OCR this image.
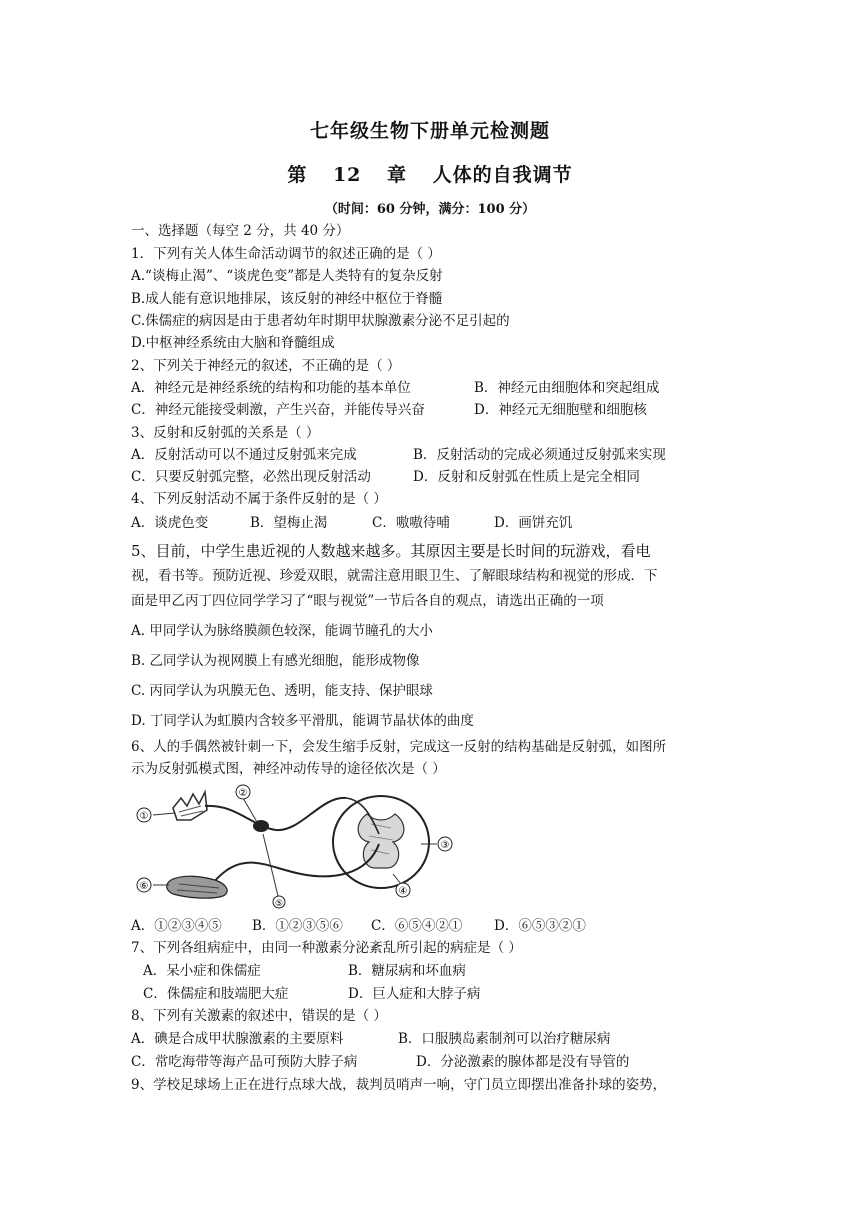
七年级生物下册单元检测题
第 12 章 人体的自我调节
（时间：60 分钟，满分：100 分）
一、选择题（每空 2 分，共 40 分）
1．下列有关人体生命活动调节的叙述正确的是（ ）
A.“谈梅止渴”、“谈虎色变”都是人类特有的复杂反射
B.成人能有意识地排尿，该反射的神经中枢位于脊髓
C.侏儒症的病因是由于患者幼年时期甲状腺激素分泌不足引起的
D.中枢神经系统由大脑和脊髓组成
2、下列关于神经元的叙述，不正确的是（ ）
A．神经元是神经系统的结构和功能的基本单位	B．神经元由细胞体和突起组成
C．神经元能接受刺激，产生兴奋，并能传导兴奋	D．神经元无细胞壁和细胞核
3、反射和反射弧的关系是（ ）
A．反射活动可以不通过反射弧来完成	B．反射活动的完成必须通过反射弧来实现
C．只要反射弧完整，必然出现反射活动	D．反射和反射弧在性质上是完全相同
4、下列反射活动不属于条件反射的是（ ）
A．谈虎色变	B．望梅止渴	C．嗷嗷待哺	D．画饼充饥
5、目前，中学生患近视的人数越来越多。其原因主要是长时间的玩游戏，看电
视，看书等。预防近视、珍爱双眼，就需注意用眼卫生、了解眼球结构和视觉的形成．下
面是甲乙丙丁四位同学学习了“眼与视觉”一节后各自的观点，请选出正确的一项
A. 甲同学认为脉络膜颜色较深，能调节瞳孔的大小
B. 乙同学认为视网膜上有感光细胞，能形成物像
C. 丙同学认为巩膜无色、透明，能支持、保护眼球
D. 丁同学认为虹膜内含较多平滑肌，能调节晶状体的曲度
6、人的手偶然被针刺一下，会发生缩手反射，完成这一反射的结构基础是反射弧，如图所
示为反射弧模式图，神经冲动传导的途径依次是（ ）
①
②
③
④
⑤
⑥
A．①②③④⑤ B．①②③⑤⑥ C．⑥⑤④②① D．⑥⑤③②①
7、下列各组病症中，由同一种激素分泌紊乱所引起的病症是（ ）
A．呆小症和侏儒症	B．糖尿病和坏血病
C．侏儒症和肢端肥大症	D．巨人症和大脖子病
8、下列有关激素的叙述中，错误的是（ ）
A．碘是合成甲状腺激素的主要原料	B．口服胰岛素制剂可以治疗糖尿病
C．常吃海带等海产品可预防大脖子病	D．分泌激素的腺体都是没有导管的
9、学校足球场上正在进行点球大战，裁判员哨声一响，守门员立即摆出准备扑球的姿势，
